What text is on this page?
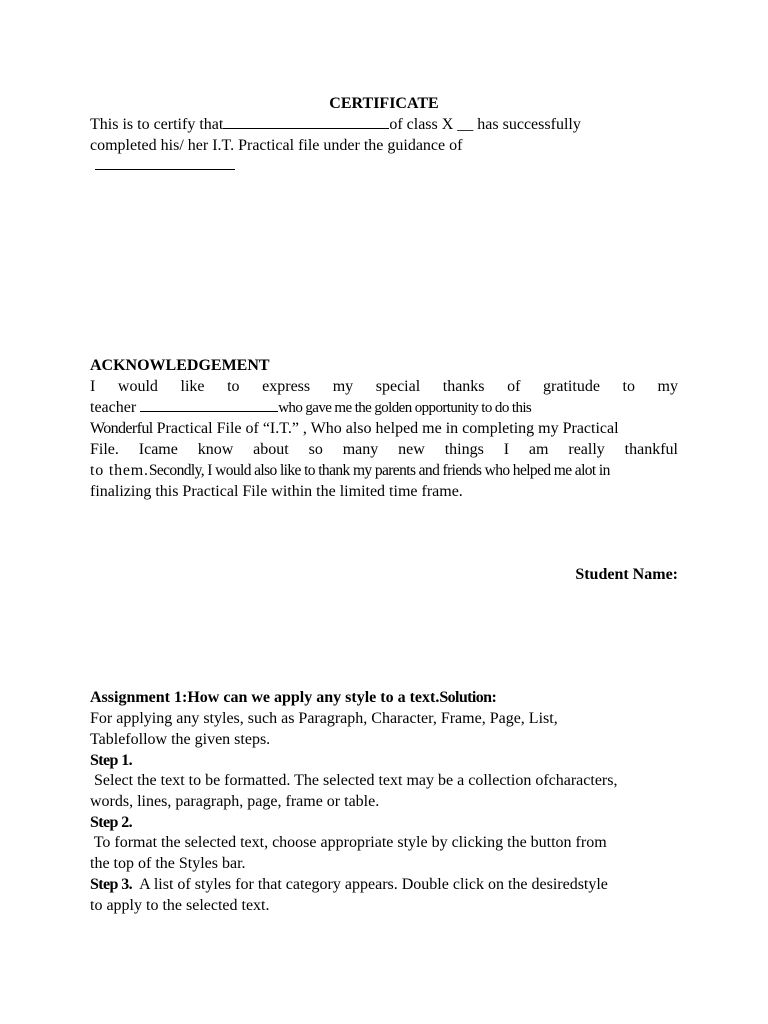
CERTIFICATE
This is to certify that	of class X __ has successfully
completed his/ her I.T. Practical file under the guidance of
ACKNOWLEDGEMENT
I would like to express my special thanks of gratitude to my
teacher	who gave me the golden opportunity to do this
Wonderful Practical File of “I.T.” , Who also helped me in completing my Practical
File. Icame know about so many new things I am really thankful
to them.Secondly, I would also like to thank my parents and friends who helped me alot in
finalizing this Practical File within the limited time frame.
Student Name:
Assignment 1:How can we apply any style to a text.Solution:
For applying any styles, such as Paragraph, Character, Frame, Page, List,
Tablefollow the given steps.
Step 1.
Select the text to be formatted. The selected text may be a collection ofcharacters,
words, lines, paragraph, page, frame or table.
Step 2.
To format the selected text, choose appropriate style by clicking the button from
the top of the Styles bar.
Step 3.  A list of styles for that category appears. Double click on the desiredstyle
to apply to the selected text.
